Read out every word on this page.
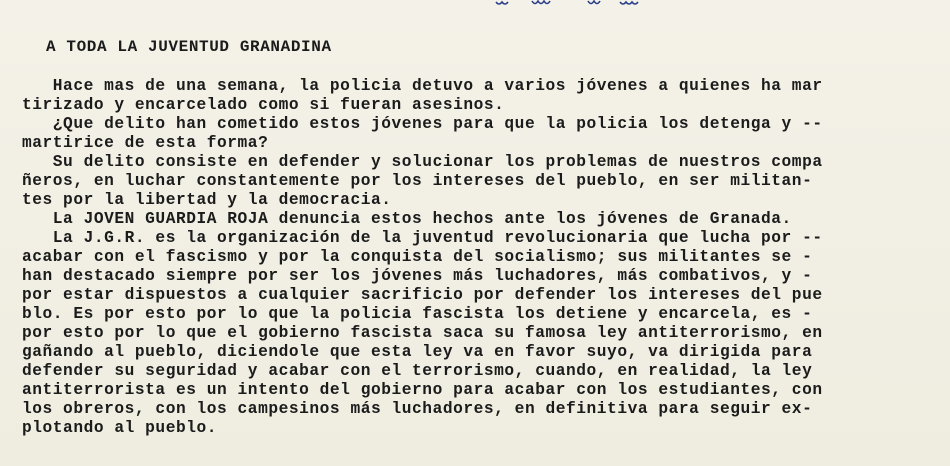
A TODA LA JUVENTUD GRANADINA
Hace mas de una semana, la policia detuvo a varios jóvenes a quienes ha mar
tirizado y encarcelado como si fueran asesinos.
¿Que delito han cometido estos jóvenes para que la policia los detenga y --
martirice de esta forma?
Su delito consiste en defender y solucionar los problemas de nuestros compa
ñeros, en luchar constantemente por los intereses del pueblo, en ser militan-
tes por la libertad y la democracia.
La JOVEN GUARDIA ROJA denuncia estos hechos ante los jóvenes de Granada.
La J.G.R. es la organización de la juventud revolucionaria que lucha por --
acabar con el fascismo y por la conquista del socialismo; sus militantes se -
han destacado siempre por ser los jóvenes más luchadores, más combativos, y -
por estar dispuestos a cualquier sacrificio por defender los intereses del pue
blo. Es por esto por lo que la policia fascista los detiene y encarcela, es -
por esto por lo que el gobierno fascista saca su famosa ley antiterrorismo, en
gañando al pueblo, diciendole que esta ley va en favor suyo, va dirigida para
defender su seguridad y acabar con el terrorismo, cuando, en realidad, la ley
antiterrorista es un intento del gobierno para acabar con los estudiantes, con
los obreros, con los campesinos más luchadores, en definitiva para seguir ex-
plotando al pueblo.
